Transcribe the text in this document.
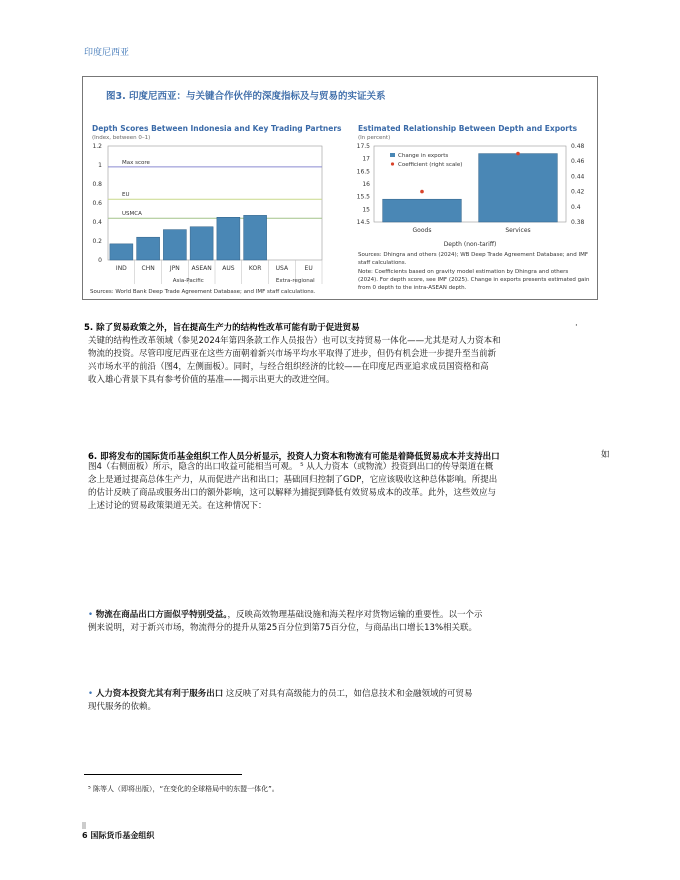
印度尼西亚
图3. 印度尼西亚：与关键合作伙伴的深度指标及与贸易的实证关系
Depth Scores Between Indonesia and Key Trading Partners
(Index, between 0–1)
0
0.2
0.4
0.6
0.8
1
1.2
Max score
EU
USMCA
IND CHN	JPN ASEAN AUS KOR USA	EU
Asia-Pacific	Extra-regional
Sources: World Bank Deep Trade Agreement Database; and IMF staff calculations.
Estimated Relationship Between Depth and Exports
(In percent)
14.5
15
15.5
16
16.5
17
17.5
0.38
0.4
0.42
0.44
0.46
0.48
Goods	Services
Depth (non-tariff)
Change in exports
Coefficient (right scale)
Sources: Dhingra and others (2024); WB Deep Trade Agreement Database; and IMF staff calculations.
Note: Coefficients based on gravity model estimation by Dhingra and others (2024). For depth score, see IMF (2025). Change in exports presents estimated gain from 0 depth to the intra-ASEAN depth.
5. 除了贸易政策之外，旨在提高生产力的结构性改革可能有助于促进贸易	·
关键的结构性改革领域（参见2024年第四条款工作人员报告）也可以支持贸易一体化——尤其是对人力资本和
物流的投资。尽管印度尼西亚在这些方面朝着新兴市场平均水平取得了进步，但仍有机会进一步提升至当前新
兴市场水平的前沿（图4，左侧面板）。同时，与经合组织经济的比较——在印度尼西亚追求成员国资格和高
收入雄心背景下具有参考价值的基准——揭示出更大的改进空间。
6. 即将发布的国际货币基金组织工作人员分析显示，投资人力资本和物流有可能是着降低贸易成本并支持出口	如
图4（右侧面板）所示，隐含的出口收益可能相当可观。 ⁵ 从人力资本（或物流）投资到出口的传导渠道在概
念上是通过提高总体生产力，从而促进产出和出口；基础回归控制了GDP，它应该吸收这种总体影响。所提出
的估计反映了商品或服务出口的额外影响，这可以解释为捕捉到降低有效贸易成本的改革。此外，这些效应与
上述讨论的贸易政策渠道无关。在这种情况下：
• 物流在商品出口方面似乎特别受益。，反映高效物理基础设施和海关程序对货物运输的重要性。以一个示
例来说明，对于新兴市场，物流得分的提升从第25百分位到第75百分位，与商品出口增长13%相关联。
• 人力资本投资尤其有利于服务出口 这反映了对具有高级能力的员工，如信息技术和金融领域的可贸易
现代服务的依赖。
⁵ 陈等人（即将出版），“在变化的全球格局中的东盟一体化”。
6 国际货币基金组织
